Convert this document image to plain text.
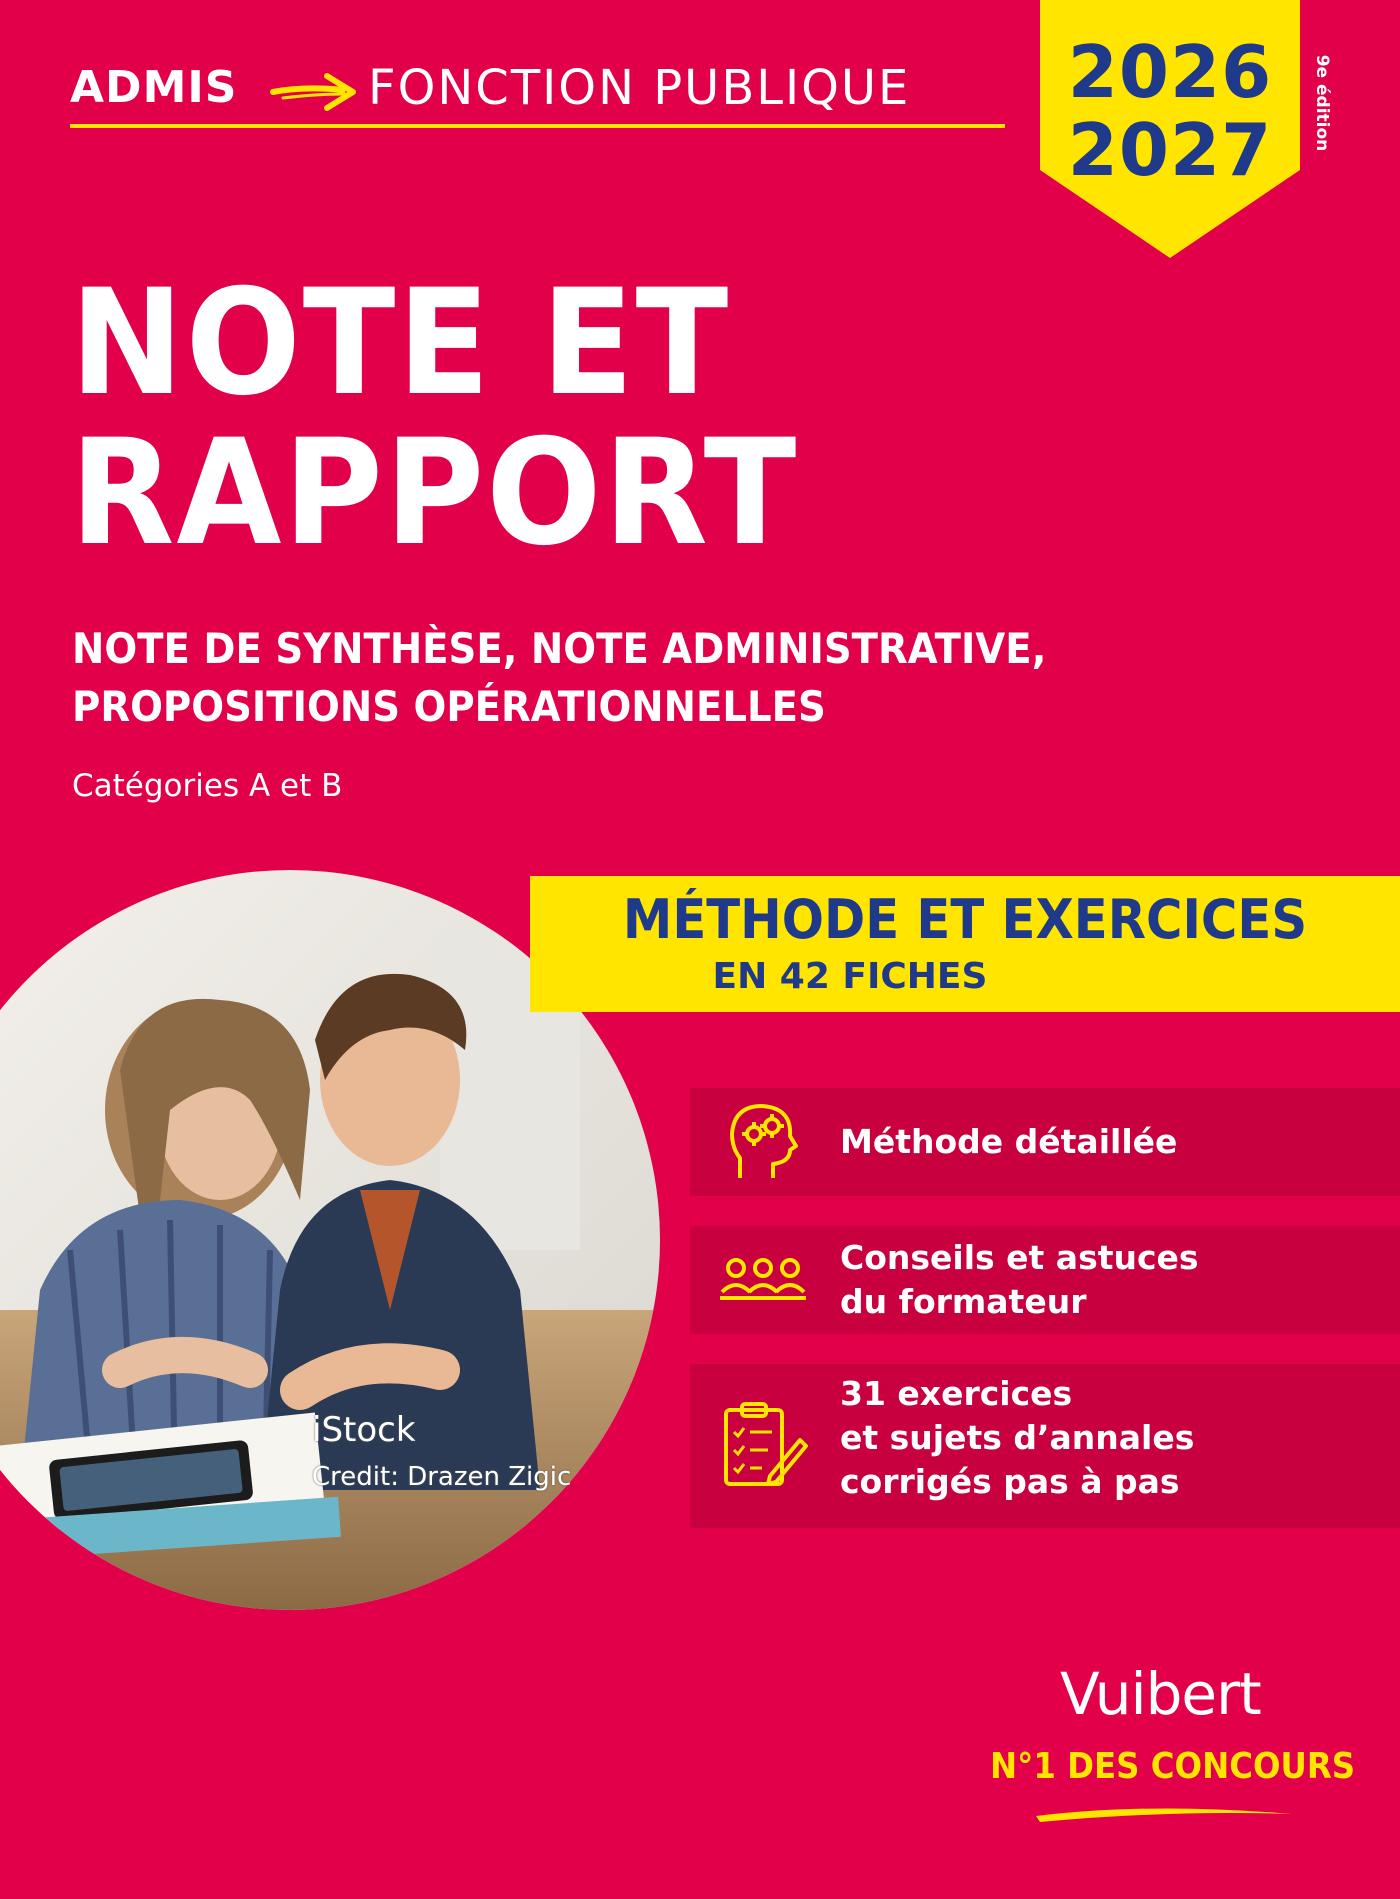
ADMIS	FONCTION PUBLIQUE	2026
2027	9e édition
NOTE ET
RAPPORT
NOTE DE SYNTHÈSE, NOTE ADMINISTRATIVE,
PROPOSITIONS OPÉRATIONNELLES
Catégories A et B
iStock
Credit: Drazen Zigic
MÉTHODE ET EXERCICES
EN 42 FICHES
Méthode détaillée
Conseils et astuces
du formateur
31 exercices
et sujets d’annales
corrigés pas à pas
Vuibert
N°1 DES CONCOURS
